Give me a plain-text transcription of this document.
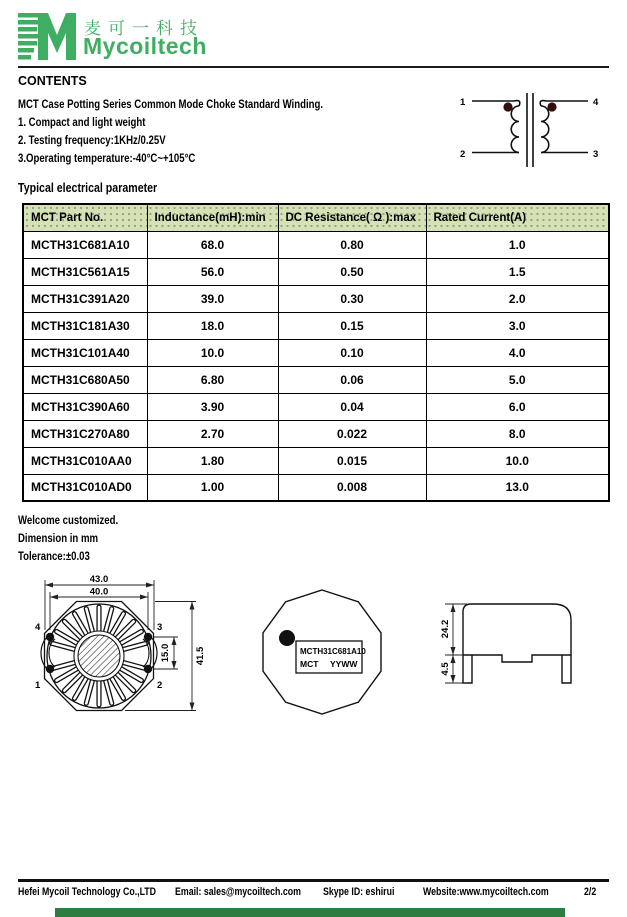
麦可一科技
Mycoiltech
CONTENTS
MCT Case Potting Series Common Mode Choke Standard Winding.
1. Compact and light weight
2. Testing frequency:1KHz/0.25V
3.Operating temperature:-40°C~+105°C
1
2
4
3
Typical electrical parameter
MCT Part No.	Inductance(mH):min	DC Resistance( Ω ):max	Rated Current(A)
MCTH31C681A10	68.0	0.80	1.0
MCTH31C561A15	56.0	0.50	1.5
MCTH31C391A20	39.0	0.30	2.0
MCTH31C181A30	18.0	0.15	3.0
MCTH31C101A40	10.0	0.10	4.0
MCTH31C680A50	6.80	0.06	5.0
MCTH31C390A60	3.90	0.04	6.0
MCTH31C270A80	2.70	0.022	8.0
MCTH31C010AA0	1.80	0.015	10.0
MCTH31C010AD0	1.00	0.008	13.0
Welcome customized.
Dimension in mm
Tolerance:±0.03
4	3
1	2
43.0
40.0
41.5
15.0	MCTH31C681A10
MCT YYWW
24.2
4.5
Hefei Mycoil Technology Co.,LTD	Email: sales@mycoiltech.com	Skype ID: eshirui	Website:www.mycoiltech.com	2/2
